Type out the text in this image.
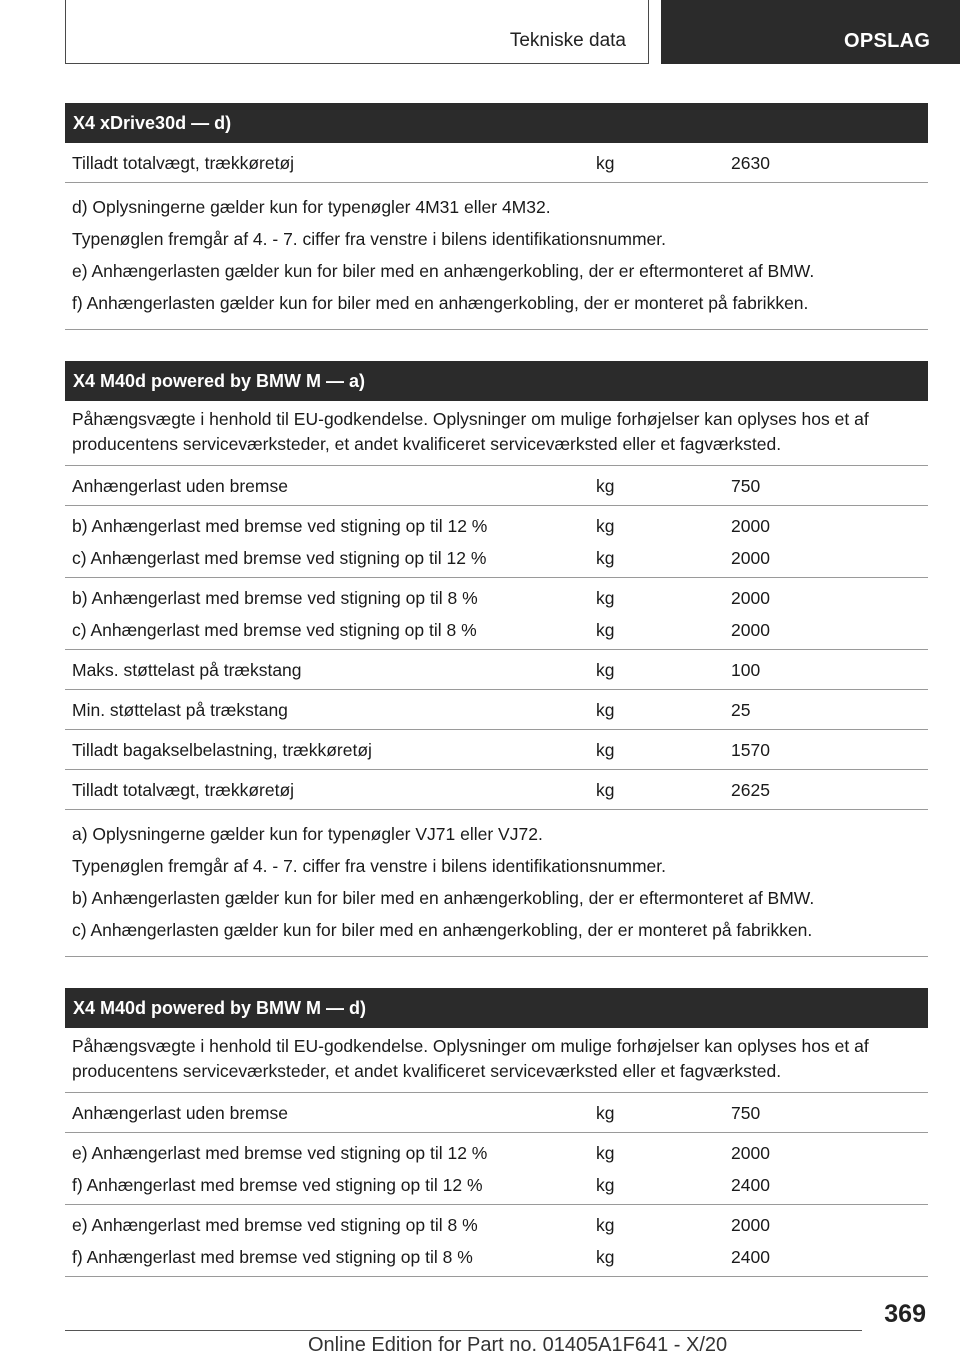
Tekniske data	OPSLAG
X4 xDrive30d — d)
Tilladt totalvægt, trækkøretøj	kg	2630
d) Oplysningerne gælder kun for typenøgler 4M31 eller 4M32.
Typenøglen fremgår af 4. - 7. ciffer fra venstre i bilens identifikationsnummer.
e) Anhængerlasten gælder kun for biler med en anhængerkobling, der er eftermonteret af BMW.
f) Anhængerlasten gælder kun for biler med en anhængerkobling, der er monteret på fabrikken.
X4 M40d powered by BMW M — a)
Påhængsvægte i henhold til EU-godkendelse. Oplysninger om mulige forhøjelser kan oplyses hos et af producentens serviceværksteder, et andet kvalificeret serviceværksted eller et fagværksted.
Anhængerlast uden bremse	kg	750
b) Anhængerlast med bremse ved stigning op til 12 %	kg	2000
c) Anhængerlast med bremse ved stigning op til 12 %	kg	2000
b) Anhængerlast med bremse ved stigning op til 8 %	kg	2000
c) Anhængerlast med bremse ved stigning op til 8 %	kg	2000
Maks. støttelast på trækstang	kg	100
Min. støttelast på trækstang	kg	25
Tilladt bagakselbelastning, trækkøretøj	kg	1570
Tilladt totalvægt, trækkøretøj	kg	2625
a) Oplysningerne gælder kun for typenøgler VJ71 eller VJ72.
Typenøglen fremgår af 4. - 7. ciffer fra venstre i bilens identifikationsnummer.
b) Anhængerlasten gælder kun for biler med en anhængerkobling, der er eftermonteret af BMW.
c) Anhængerlasten gælder kun for biler med en anhængerkobling, der er monteret på fabrikken.
X4 M40d powered by BMW M — d)
Påhængsvægte i henhold til EU-godkendelse. Oplysninger om mulige forhøjelser kan oplyses hos et af producentens serviceværksteder, et andet kvalificeret serviceværksted eller et fagværksted.
Anhængerlast uden bremse	kg	750
e) Anhængerlast med bremse ved stigning op til 12 %	kg	2000
f) Anhængerlast med bremse ved stigning op til 12 %	kg	2400
e) Anhængerlast med bremse ved stigning op til 8 %	kg	2000
f) Anhængerlast med bremse ved stigning op til 8 %	kg	2400
369
Online Edition for Part no. 01405A1F641 - X/20
